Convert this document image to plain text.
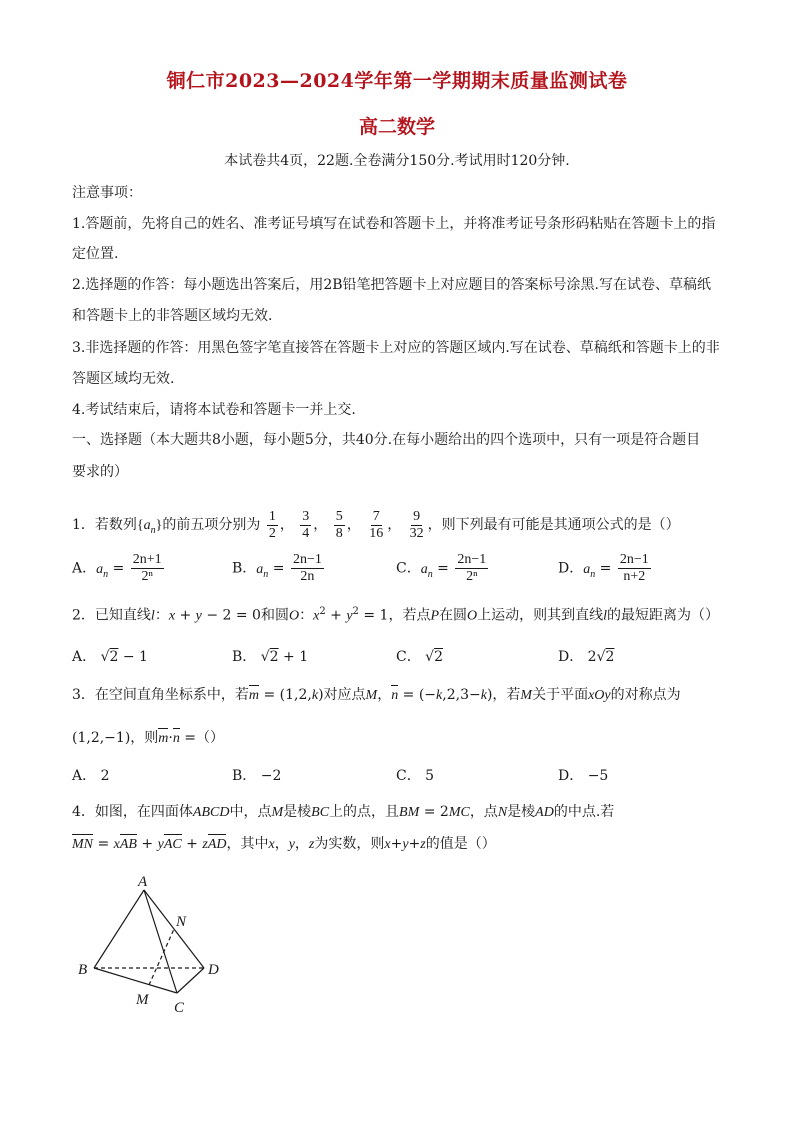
铜仁市2023—2024学年第一学期期末质量监测试卷
高二数学
本试卷共4页，22题.全卷满分150分.考试用时120分钟.
注意事项：
1.答题前，先将自己的姓名、准考证号填写在试卷和答题卡上，并将准考证号条形码粘贴在答题卡上的指
定位置.
2.选择题的作答：每小题选出答案后，用2B铅笔把答题卡上对应题目的答案标号涂黑.写在试卷、草稿纸
和答题卡上的非答题区域均无效.
3.非选择题的作答：用黑色签字笔直接答在答题卡上对应的答题区域内.写在试卷、草稿纸和答题卡上的非
答题区域均无效.
4.考试结束后，请将本试卷和答题卡一并上交.
一、选择题（本大题共8小题，每小题5分，共40分.在每小题给出的四个选项中，只有一项是符合题目
要求的）
1．若数列$\{a_n\}$的前五项分别为 $\frac{1}{2}$ ， $\frac{3}{4}$ ， $\frac{5}{8}$ ， $\frac{7}{16}$ ， $\frac{9}{32}$ ，则下列最有可能是其通项公式的是（）
A．$a_n = \frac{2n+1}{\text{2ⁿ}}$	B．$a_n = \frac{2n-1}{2n}$	C．$a_n = \frac{2n-1}{\text{2ⁿ}}$	D．$a_n = \frac{2n-1}{n+2}$
2．已知直线l：x + y − 2 = 0和圆O：$x^2 + y^2 = 1$，若点P在圆O上运动，则其到直线l的最短距离为（）
A． √2 − 1	B． √2 + 1	C． √2	D． 2√2
3．在空间直角坐标系中，若m = (1,2,k)对应点M，n = (−k,2,3−k)，若M关于平面xOy的对称点为
(1,2,−1)，则m·n =（）
A． 2	B． −2	C． 5	D． −5
4．如图，在四面体ABCD中，点M是棱BC上的点，且BM = 2MC，点N是棱AD的中点.若
MN = xAB + yAC + zAD，其中x，y，z为实数，则x+y+z的值是（）
A
B
C
D
M
N
